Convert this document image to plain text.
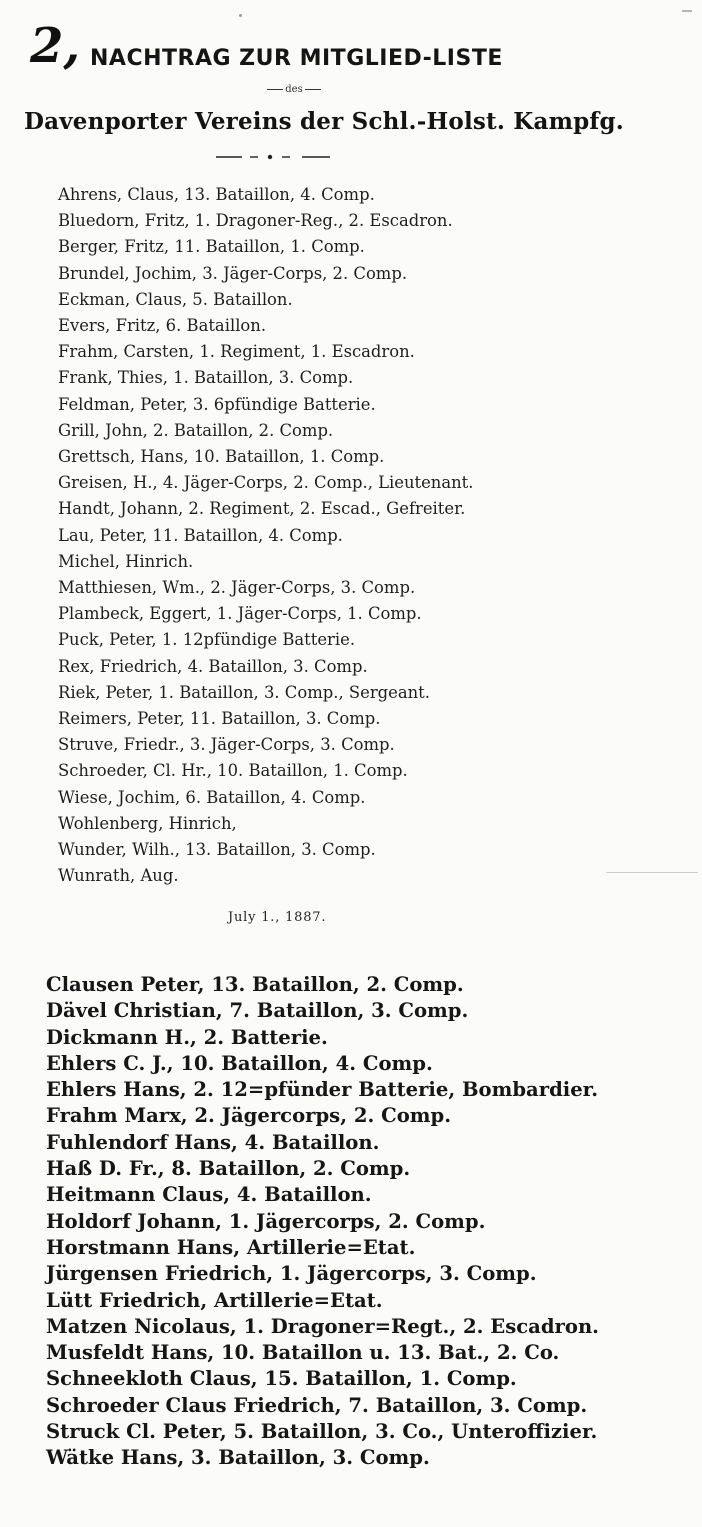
2, NACHTRAG ZUR MITGLIED-LISTE
des
Davenporter Vereins der Schl.-Holst. Kampfg.
Ahrens, Claus, 13. Bataillon, 4. Comp.
Bluedorn, Fritz, 1. Dragoner-Reg., 2. Escadron.
Berger, Fritz, 11. Bataillon, 1. Comp.
Brundel, Jochim, 3. Jäger-Corps, 2. Comp.
Eckman, Claus, 5. Bataillon.
Evers, Fritz, 6. Bataillon.
Frahm, Carsten, 1. Regiment, 1. Escadron.
Frank, Thies, 1. Bataillon, 3. Comp.
Feldman, Peter, 3. 6pfündige Batterie.
Grill, John, 2. Bataillon, 2. Comp.
Grettsch, Hans, 10. Bataillon, 1. Comp.
Greisen, H., 4. Jäger-Corps, 2. Comp., Lieutenant.
Handt, Johann, 2. Regiment, 2. Escad., Gefreiter.
Lau, Peter, 11. Bataillon, 4. Comp.
Michel, Hinrich.
Matthiesen, Wm., 2. Jäger-Corps, 3. Comp.
Plambeck, Eggert, 1. Jäger-Corps, 1. Comp.
Puck, Peter, 1. 12pfündige Batterie.
Rex, Friedrich, 4. Bataillon, 3. Comp.
Riek, Peter, 1. Bataillon, 3. Comp., Sergeant.
Reimers, Peter, 11. Bataillon, 3. Comp.
Struve, Friedr., 3. Jäger-Corps, 3. Comp.
Schroeder, Cl. Hr., 10. Bataillon, 1. Comp.
Wiese, Jochim, 6. Bataillon, 4. Comp.
Wohlenberg, Hinrich,
Wunder, Wilh., 13. Bataillon, 3. Comp.
Wunrath, Aug.
July 1., 1887.
Clausen Peter, 13. Bataillon, 2. Comp.
Dävel Christian, 7. Bataillon, 3. Comp.
Dickmann H., 2. Batterie.
Ehlers C. J., 10. Bataillon, 4. Comp.
Ehlers Hans, 2. 12=pfünder Batterie, Bombardier.
Frahm Marx, 2. Jägercorps, 2. Comp.
Fuhlendorf Hans, 4. Bataillon.
Haß D. Fr., 8. Bataillon, 2. Comp.
Heitmann Claus, 4. Bataillon.
Holdorf Johann, 1. Jägercorps, 2. Comp.
Horstmann Hans, Artillerie=Etat.
Jürgensen Friedrich, 1. Jägercorps, 3. Comp.
Lütt Friedrich, Artillerie=Etat.
Matzen Nicolaus, 1. Dragoner=Regt., 2. Escadron.
Musfeldt Hans, 10. Bataillon u. 13. Bat., 2. Co.
Schneekloth Claus, 15. Bataillon, 1. Comp.
Schroeder Claus Friedrich, 7. Bataillon, 3. Comp.
Struck Cl. Peter, 5. Bataillon, 3. Co., Unteroffizier.
Wätke Hans, 3. Bataillon, 3. Comp.
